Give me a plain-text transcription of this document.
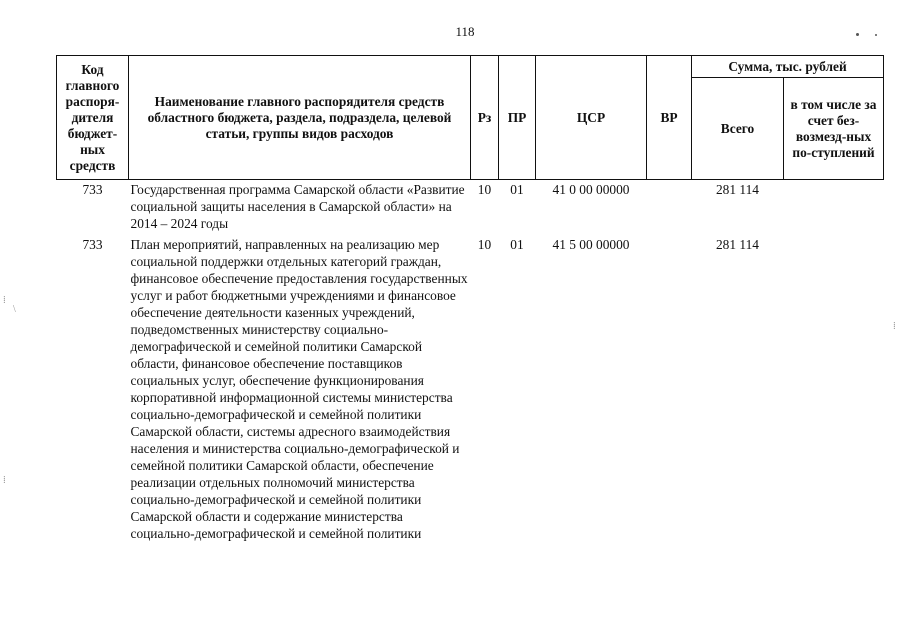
118
⁞
\
⁞
⁞
Код главного распоря-дителя бюджет-ных средств	Наименование главного распорядителя средств областного бюджета, раздела, подраздела, целевой статьи, группы видов расходов	Рз	ПР	ЦСР	ВР	Сумма, тыс. рублей	
						Всего	в том числе за счет без-возмезд-ных по-ступлений
733	Государственная программа Самарской области «Развитие социальной защиты населения в Самарской области» на 2014 – 2024 годы	10	01	41 0 00 00000		281 114	
733	План мероприятий, направленных на реализацию мер социальной поддержки отдельных категорий граждан, финансовое обеспечение предоставления государственных услуг и работ бюджетными учреждениями и финансовое обеспечение деятельности казенных учреждений, подведомственных министерству социально-демографической и семейной политики Самарской области, финансовое обеспечение поставщиков социальных услуг, обеспечение функционирования корпоративной информационной системы министерства социально-демографической и семейной политики Самарской области, системы адресного взаимодействия населения и министерства социально-демографической и семейной политики Самарской области, обеспечение реализации отдельных полномочий министерства социально-демографической и семейной политики Самарской области и содержание министерства социально-демографической и семейной политики	10	01	41 5 00 00000		281 114	
